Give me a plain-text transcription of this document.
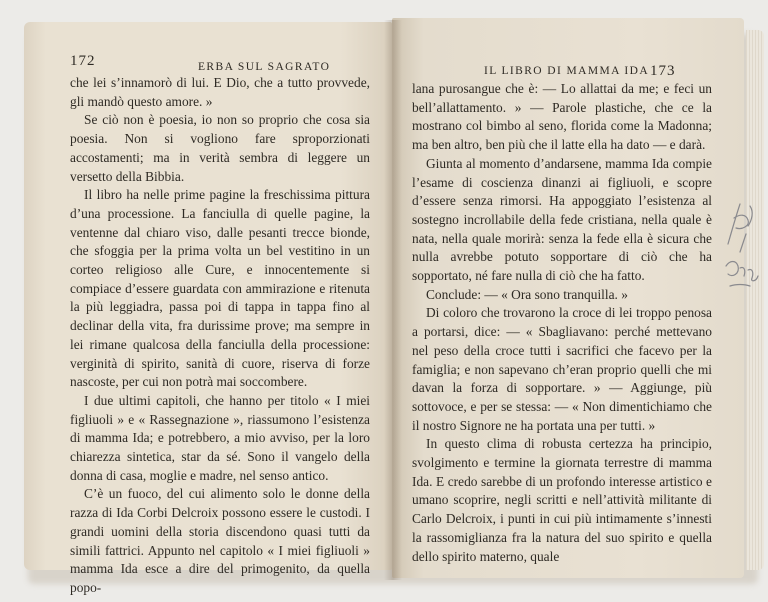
172	ERBA SUL SAGRATO

che lei s’innamorò di lui. E Dio, che a tutto provvede, gli mandò questo amore. »

Se ciò non è poesia, io non so proprio che cosa sia poesia. Non si vogliono fare sproporzionati accostamenti; ma in verità sembra di leggere un versetto della Bibbia.

Il libro ha nelle prime pagine la freschissima pittura d’una processione. La fanciulla di quelle pagine, la ventenne dal chiaro viso, dalle pesanti trecce bionde, che sfoggia per la prima volta un bel vestitino in un corteo religioso alle Cure, e innocentemente si compiace d’essere guardata con ammirazione e ritenuta la più leggiadra, passa poi di tappa in tappa fino al declinar della vita, fra durissime prove; ma sempre in lei rimane qualcosa della fanciulla della processione: verginità di spirito, sanità di cuore, riserva di forze nascoste, per cui non potrà mai soccombere.

I due ultimi capitoli, che hanno per titolo « I miei figliuoli » e « Rassegnazione », riassumono l’esistenza di mamma Ida; e potrebbero, a mio avviso, per la loro chiarezza sintetica, star da sé. Sono il vangelo della donna di casa, moglie e madre, nel senso antico.

C’è un fuoco, del cui alimento solo le donne della razza di Ida Corbi Delcroix possono essere le custodi. I grandi uomini della storia discendono quasi tutti da simili fattrici. Appunto nel capitolo « I miei figliuoli » mamma Ida esce a dire del primogenito, da quella popo-

IL LIBRO DI MAMMA IDA 173

lana purosangue che è: — Lo allattai da me; e feci un bell’allattamento. » — Parole plastiche, che ce la mostrano col bimbo al seno, florida come la Madonna; ma ben altro, ben più che il latte ella ha dato — e darà.

Giunta al momento d’andarsene, mamma Ida compie l’esame di coscienza dinanzi ai figliuoli, e scopre d’essere senza rimorsi. Ha appoggiato l’esistenza al sostegno incrollabile della fede cristiana, nella quale è nata, nella quale morirà: senza la fede ella è sicura che nulla avrebbe potuto sopportare di ciò che ha sopportato, né fare nulla di ciò che ha fatto.

Conclude: — « Ora sono tranquilla. »

Di coloro che trovarono la croce di lei troppo penosa a portarsi, dice: — « Sbagliavano: perché mettevano nel peso della croce tutti i sacrifici che facevo per la famiglia; e non sapevano ch’eran proprio quelli che mi davan la forza di sopportare. » — Aggiunge, più sottovoce, e per se stessa: — « Non dimentichiamo che il nostro Signore ne ha portata una per tutti. »

In questo clima di robusta certezza ha principio, svolgimento e termine la giornata terrestre di mamma Ida. E credo sarebbe di un profondo interesse artistico e umano scoprire, negli scritti e nell’attività militante di Carlo Delcroix, i punti in cui più intimamente s’innesti la rassomiglianza fra la natura del suo spirito e quella dello spirito materno, quale
